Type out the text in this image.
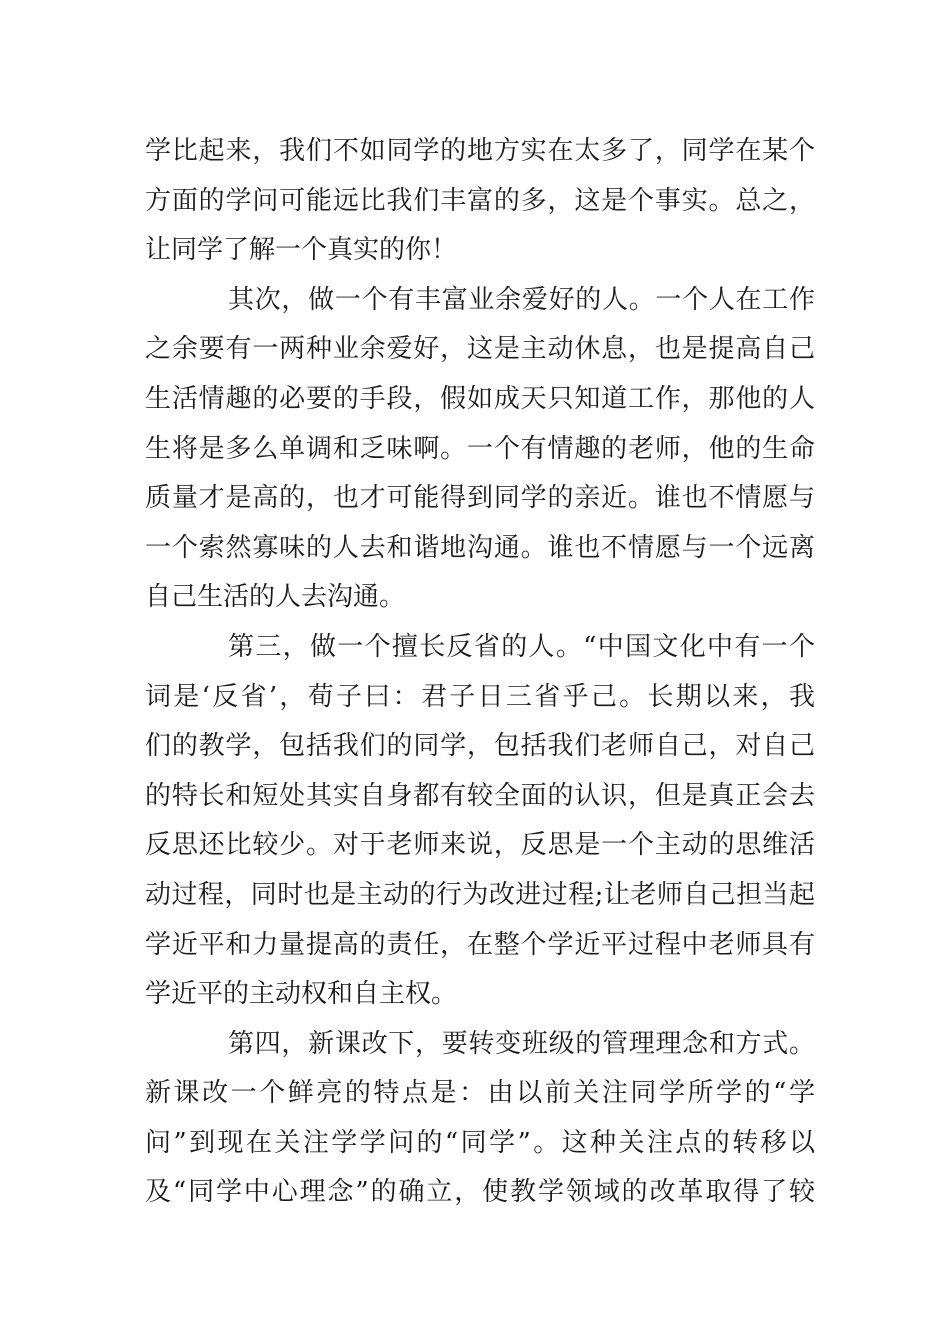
学比起来，我们不如同学的地方实在太多了，同学在某个
方面的学问可能远比我们丰富的多，这是个事实。总之，
让同学了解一个真实的你！
其次，做一个有丰富业余爱好的人。一个人在工作
之余要有一两种业余爱好，这是主动休息，也是提高自己
生活情趣的必要的手段，假如成天只知道工作，那他的人
生将是多么单调和乏味啊。一个有情趣的老师，他的生命
质量才是高的，也才可能得到同学的亲近。谁也不情愿与
一个索然寡味的人去和谐地沟通。谁也不情愿与一个远离
自己生活的人去沟通。
第三，做一个擅长反省的人。“中国文化中有一个
词是‘反省’，荀子曰：君子日三省乎己。长期以来，我
们的教学，包括我们的同学，包括我们老师自己，对自己
的特长和短处其实自身都有较全面的认识，但是真正会去
反思还比较少。对于老师来说，反思是一个主动的思维活
动过程，同时也是主动的行为改进过程;让老师自己担当起
学近平和力量提高的责任，在整个学近平过程中老师具有
学近平的主动权和自主权。
第四，新课改下，要转变班级的管理理念和方式。
新课改一个鲜亮的特点是：由以前关注同学所学的“学
问”到现在关注学学问的“同学”。这种关注点的转移以
及“同学中心理念”的确立，使教学领域的改革取得了较
